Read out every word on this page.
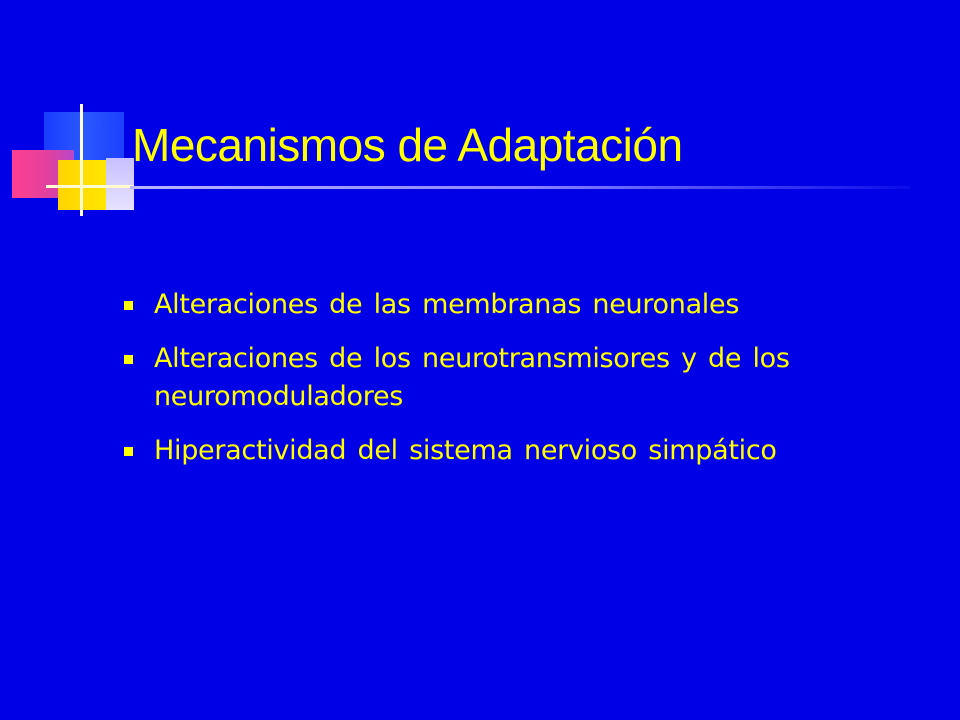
Mecanismos de Adaptación
Alteraciones de las membranas neuronales
Alteraciones de los neurotransmisores y de los neuromoduladores
Hiperactividad del sistema nervioso simpático
